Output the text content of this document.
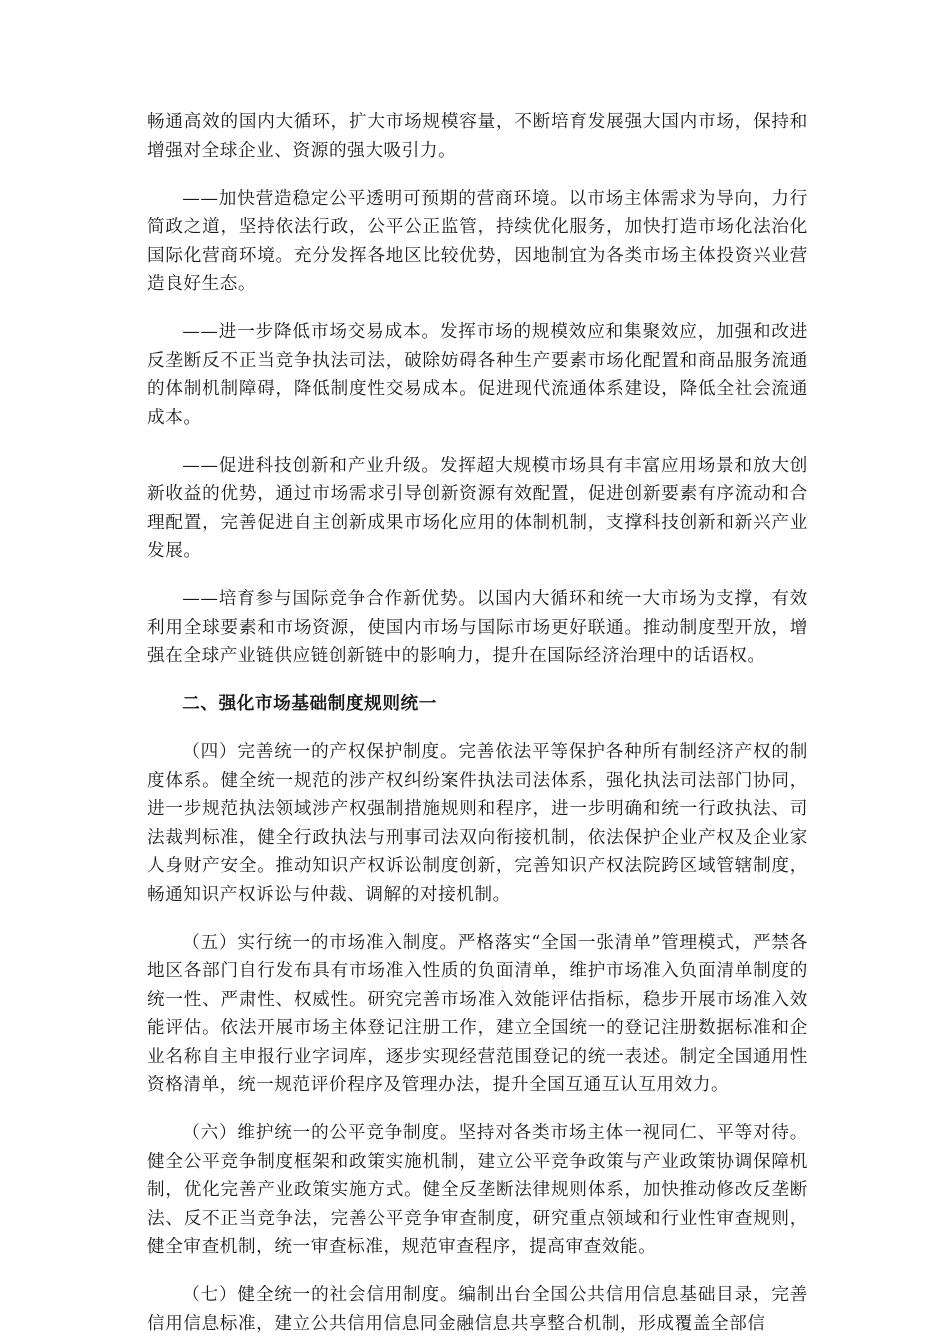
畅通高效的国内大循环，扩大市场规模容量，不断培育发展强大国内市场，保持和增强对全球企业、资源的强大吸引力。

——加快营造稳定公平透明可预期的营商环境。以市场主体需求为导向，力行简政之道，坚持依法行政，公平公正监管，持续优化服务，加快打造市场化法治化国际化营商环境。充分发挥各地区比较优势，因地制宜为各类市场主体投资兴业营造良好生态。

——进一步降低市场交易成本。发挥市场的规模效应和集聚效应，加强和改进反垄断反不正当竞争执法司法，破除妨碍各种生产要素市场化配置和商品服务流通的体制机制障碍，降低制度性交易成本。促进现代流通体系建设，降低全社会流通成本。

——促进科技创新和产业升级。发挥超大规模市场具有丰富应用场景和放大创新收益的优势，通过市场需求引导创新资源有效配置，促进创新要素有序流动和合理配置，完善促进自主创新成果市场化应用的体制机制，支撑科技创新和新兴产业发展。

——培育参与国际竞争合作新优势。以国内大循环和统一大市场为支撑，有效利用全球要素和市场资源，使国内市场与国际市场更好联通。推动制度型开放，增强在全球产业链供应链创新链中的影响力，提升在国际经济治理中的话语权。

二、强化市场基础制度规则统一

（四）完善统一的产权保护制度。完善依法平等保护各种所有制经济产权的制度体系。健全统一规范的涉产权纠纷案件执法司法体系，强化执法司法部门协同，进一步规范执法领域涉产权强制措施规则和程序，进一步明确和统一行政执法、司法裁判标准，健全行政执法与刑事司法双向衔接机制，依法保护企业产权及企业家人身财产安全。推动知识产权诉讼制度创新，完善知识产权法院跨区域管辖制度，畅通知识产权诉讼与仲裁、调解的对接机制。

（五）实行统一的市场准入制度。严格落实“全国一张清单”管理模式，严禁各地区各部门自行发布具有市场准入性质的负面清单，维护市场准入负面清单制度的统一性、严肃性、权威性。研究完善市场准入效能评估指标，稳步开展市场准入效能评估。依法开展市场主体登记注册工作，建立全国统一的登记注册数据标准和企业名称自主申报行业字词库，逐步实现经营范围登记的统一表述。制定全国通用性资格清单，统一规范评价程序及管理办法，提升全国互通互认互用效力。

（六）维护统一的公平竞争制度。坚持对各类市场主体一视同仁、平等对待。健全公平竞争制度框架和政策实施机制，建立公平竞争政策与产业政策协调保障机制，优化完善产业政策实施方式。健全反垄断法律规则体系，加快推动修改反垄断法、反不正当竞争法，完善公平竞争审查制度，研究重点领域和行业性审查规则，健全审查机制，统一审查标准，规范审查程序，提高审查效能。

（七）健全统一的社会信用制度。编制出台全国公共信用信息基础目录，完善信用信息标准，建立公共信用信息同金融信息共享整合机制，形成覆盖全部信
